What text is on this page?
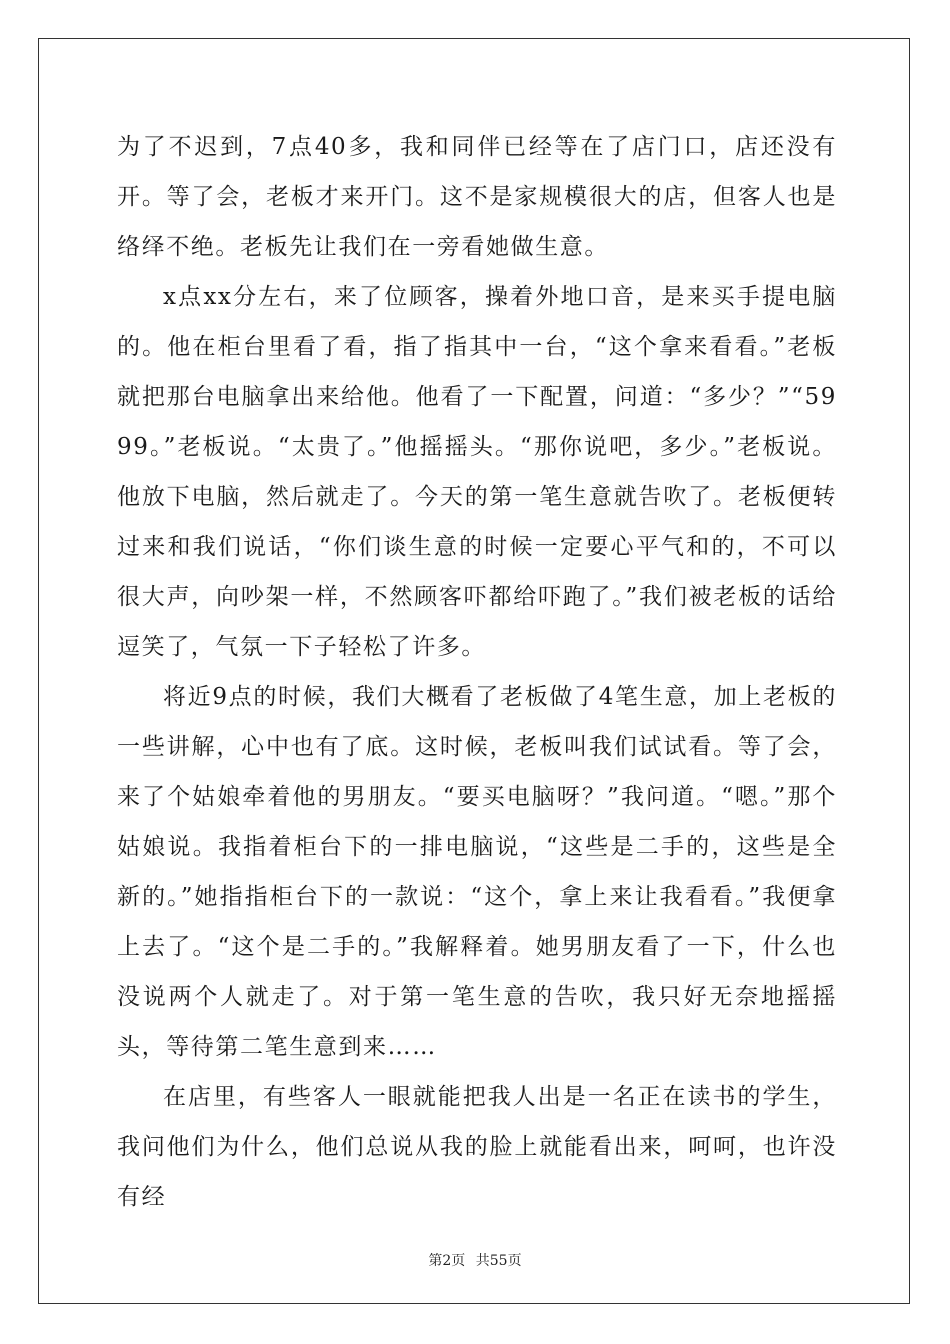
为了不迟到，7点40多，我和同伴已经等在了店门口，店还没有开。等了会，老板才来开门。这不是家规模很大的店，但客人也是络绎不绝。老板先让我们在一旁看她做生意。

x点xx分左右，来了位顾客，操着外地口音，是来买手提电脑的。他在柜台里看了看，指了指其中一台，“这个拿来看看。”老板就把那台电脑拿出来给他。他看了一下配置，问道：“多少？”“5999。”老板说。“太贵了。”他摇摇头。“那你说吧，多少。”老板说。他放下电脑，然后就走了。今天的第一笔生意就告吹了。老板便转过来和我们说话，“你们谈生意的时候一定要心平气和的，不可以很大声，向吵架一样，不然顾客吓都给吓跑了。”我们被老板的话给逗笑了，气氛一下子轻松了许多。

将近9点的时候，我们大概看了老板做了4笔生意，加上老板的一些讲解，心中也有了底。这时候，老板叫我们试试看。等了会，来了个姑娘牵着他的男朋友。“要买电脑呀？”我问道。“嗯。”那个姑娘说。我指着柜台下的一排电脑说，“这些是二手的，这些是全新的。”她指指柜台下的一款说：“这个，拿上来让我看看。”我便拿上去了。“这个是二手的。”我解释着。她男朋友看了一下，什么也没说两个人就走了。对于第一笔生意的告吹，我只好无奈地摇摇头，等待第二笔生意到来……

在店里，有些客人一眼就能把我人出是一名正在读书的学生，我问他们为什么，他们总说从我的脸上就能看出来，呵呵，也许没有经

第2页 共55页
